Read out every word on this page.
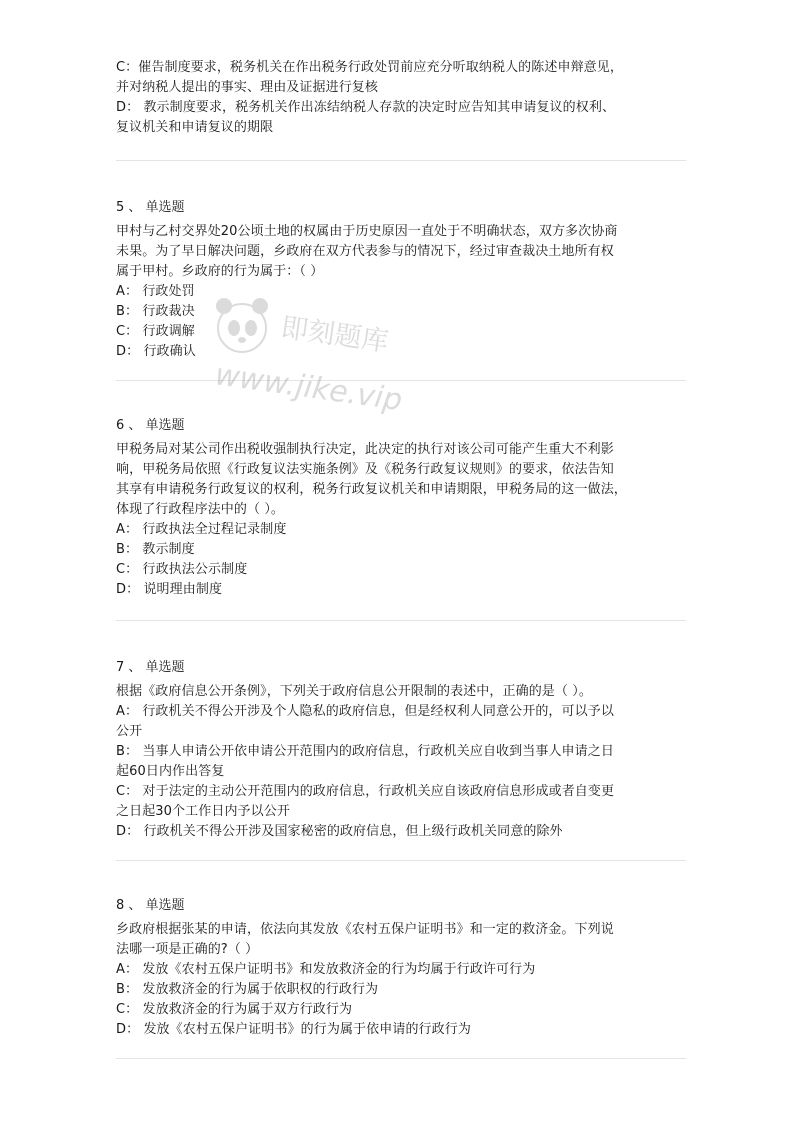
C：催告制度要求，税务机关在作出税务行政处罚前应充分听取纳税人的陈述申辩意见，
并对纳税人提出的事实、理由及证据进行复核
D： 教示制度要求，税务机关作出冻结纳税人存款的决定时应告知其申请复议的权利、
复议机关和申请复议的期限
5 、 单选题
甲村与乙村交界处20公顷土地的权属由于历史原因一直处于不明确状态，双方多次协商
未果。为了早日解决问题，乡政府在双方代表参与的情况下，经过审查裁决土地所有权
属于甲村。乡政府的行为属于：（ ）
A： 行政处罚
B： 行政裁决
C： 行政调解
D： 行政确认
6 、 单选题
甲税务局对某公司作出税收强制执行决定，此决定的执行对该公司可能产生重大不利影
响，甲税务局依照《行政复议法实施条例》及《税务行政复议规则》的要求，依法告知
其享有申请税务行政复议的权利，税务行政复议机关和申请期限，甲税务局的这一做法，
体现了行政程序法中的（ ）。
A： 行政执法全过程记录制度
B： 教示制度
C： 行政执法公示制度
D： 说明理由制度
7 、 单选题
根据《政府信息公开条例》，下列关于政府信息公开限制的表述中，正确的是（ ）。
A： 行政机关不得公开涉及个人隐私的政府信息，但是经权利人同意公开的，可以予以
公开
B： 当事人申请公开依申请公开范围内的政府信息，行政机关应自收到当事人申请之日
起60日内作出答复
C： 对于法定的主动公开范围内的政府信息，行政机关应自该政府信息形成或者自变更
之日起30个工作日内予以公开
D： 行政机关不得公开涉及国家秘密的政府信息，但上级行政机关同意的除外
8 、 单选题
乡政府根据张某的申请，依法向其发放《农村五保户证明书》和一定的救济金。下列说
法哪一项是正确的?（ ）
A： 发放《农村五保户证明书》和发放救济金的行为均属于行政许可行为
B： 发放救济金的行为属于依职权的行政行为
C： 发放救济金的行为属于双方行政行为
D： 发放《农村五保户证明书》的行为属于依申请的行政行为
即刻题库
www.jike.vip
